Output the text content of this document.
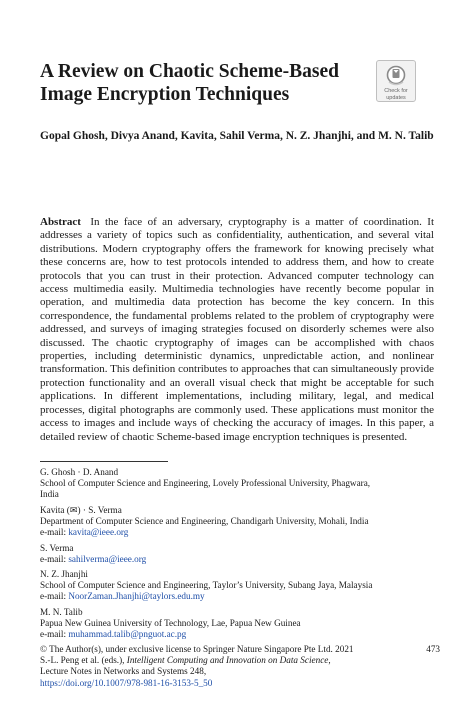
A Review on Chaotic Scheme-Based Image Encryption Techniques	Check for
updates
Gopal Ghosh, Divya Anand, Kavita, Sahil Verma, N. Z. Jhanjhi, and M. N. Talib
Abstract In the face of an adversary, cryptography is a matter of coordination. It addresses a variety of topics such as confidentiality, authentication, and several vital distributions. Modern cryptography offers the framework for knowing precisely what these concerns are, how to test protocols intended to address them, and how to create protocols that you can trust in their protection. Advanced computer technology can access multimedia easily. Multimedia technologies have recently become popular in operation, and multimedia data protection has become the key concern. In this correspondence, the fundamental problems related to the problem of cryptography were addressed, and surveys of imaging strategies focused on disorderly schemes were also discussed. The chaotic cryptography of images can be accomplished with chaos properties, including deterministic dynamics, unpredictable action, and nonlinear transformation. This definition contributes to approaches that can simultaneously provide protection functionality and an overall visual check that might be acceptable for such applications. In different implementations, including military, legal, and medical processes, digital photographs are commonly used. These applications must monitor the access to images and include ways of checking the accuracy of images. In this paper, a detailed review of chaotic Scheme-based image encryption techniques is presented.
G. Ghosh · D. Anand
School of Computer Science and Engineering, Lovely Professional University, Phagwara,
India
Kavita (✉) · S. Verma
Department of Computer Science and Engineering, Chandigarh University, Mohali, India
e-mail: kavita@ieee.org
S. Verma
e-mail: sahilverma@ieee.org
N. Z. Jhanjhi
School of Computer Science and Engineering, Taylor’s University, Subang Jaya, Malaysia
e-mail: NoorZaman.Jhanjhi@taylors.edu.my
M. N. Talib
Papua New Guinea University of Technology, Lae, Papua New Guinea
e-mail: muhammad.talib@pnguot.ac.pg
473
© The Author(s), under exclusive license to Springer Nature Singapore Pte Ltd. 2021
S.-L. Peng et al. (eds.), Intelligent Computing and Innovation on Data Science,
Lecture Notes in Networks and Systems 248,
https://doi.org/10.1007/978-981-16-3153-5_50
